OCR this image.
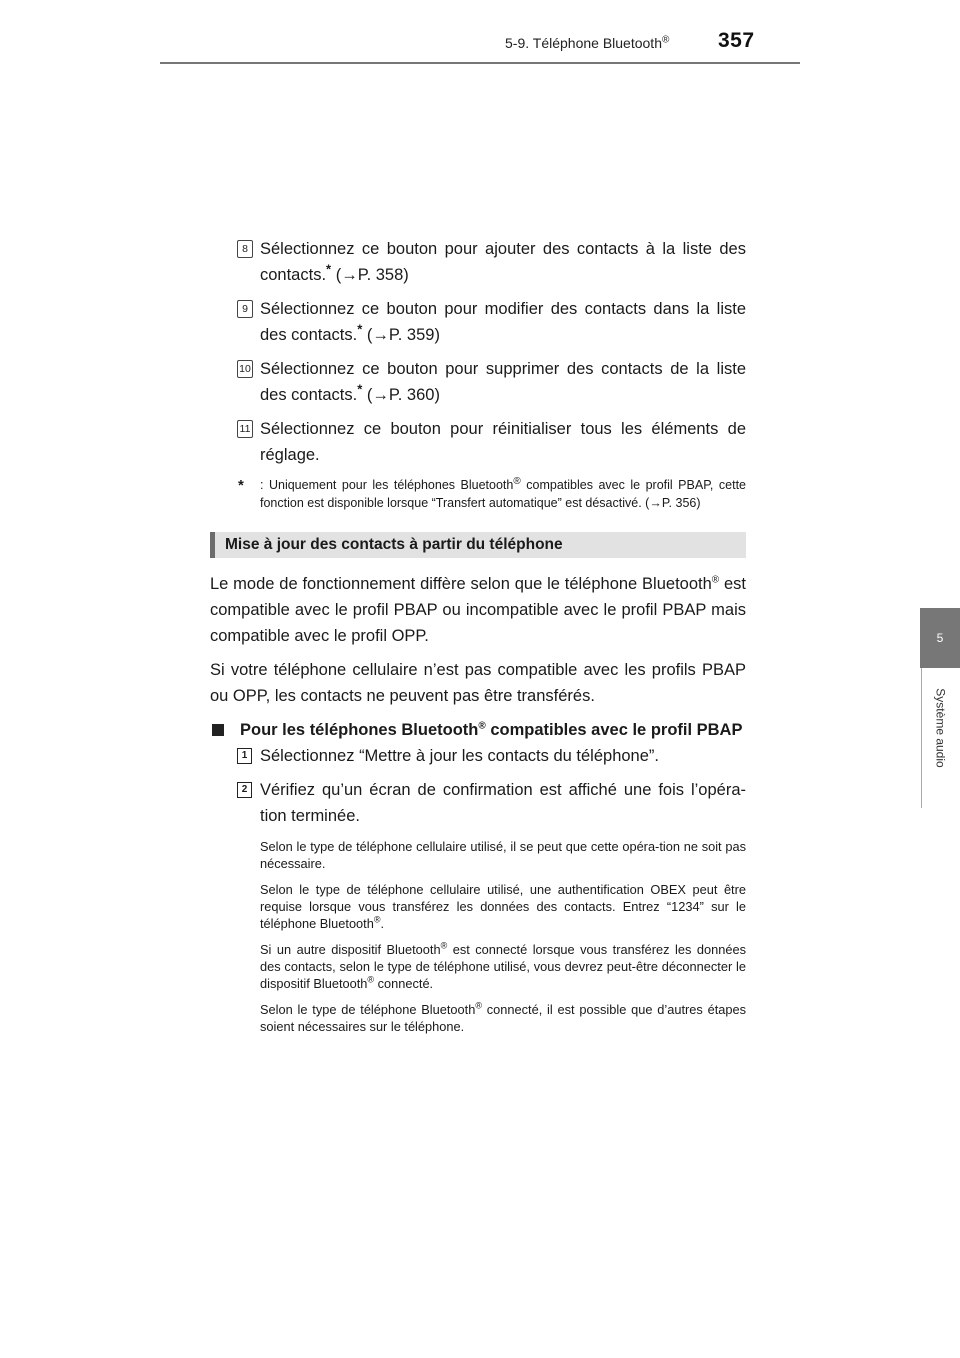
5-9. Téléphone Bluetooth® 357
5
Système audio
8 Sélectionnez ce bouton pour ajouter des contacts à la liste des contacts.* (→P. 358)
9 Sélectionnez ce bouton pour modifier des contacts dans la liste des contacts.* (→P. 359)
10 Sélectionnez ce bouton pour supprimer des contacts de la liste des contacts.* (→P. 360)
11 Sélectionnez ce bouton pour réinitialiser tous les éléments de réglage.
* : Uniquement pour les téléphones Bluetooth® compatibles avec le profil PBAP, cette fonction est disponible lorsque “Transfert automatique” est désactivé. (→P. 356)
Mise à jour des contacts à partir du téléphone
Le mode de fonctionnement diffère selon que le téléphone Bluetooth® est compatible avec le profil PBAP ou incompatible avec le profil PBAP mais compatible avec le profil OPP.
Si votre téléphone cellulaire n’est pas compatible avec les profils PBAP ou OPP, les contacts ne peuvent pas être transférés.
Pour les téléphones Bluetooth® compatibles avec le profil PBAP
1 Sélectionnez “Mettre à jour les contacts du téléphone”.
2 Vérifiez qu’un écran de confirmation est affiché une fois l’opéra-tion terminée.
Selon le type de téléphone cellulaire utilisé, il se peut que cette opéra-tion ne soit pas nécessaire.
Selon le type de téléphone cellulaire utilisé, une authentification OBEX peut être requise lorsque vous transférez les données des contacts. Entrez “1234” sur le téléphone Bluetooth®.
Si un autre dispositif Bluetooth® est connecté lorsque vous transférez les données des contacts, selon le type de téléphone utilisé, vous devrez peut-être déconnecter le dispositif Bluetooth® connecté.
Selon le type de téléphone Bluetooth® connecté, il est possible que d’autres étapes soient nécessaires sur le téléphone.
